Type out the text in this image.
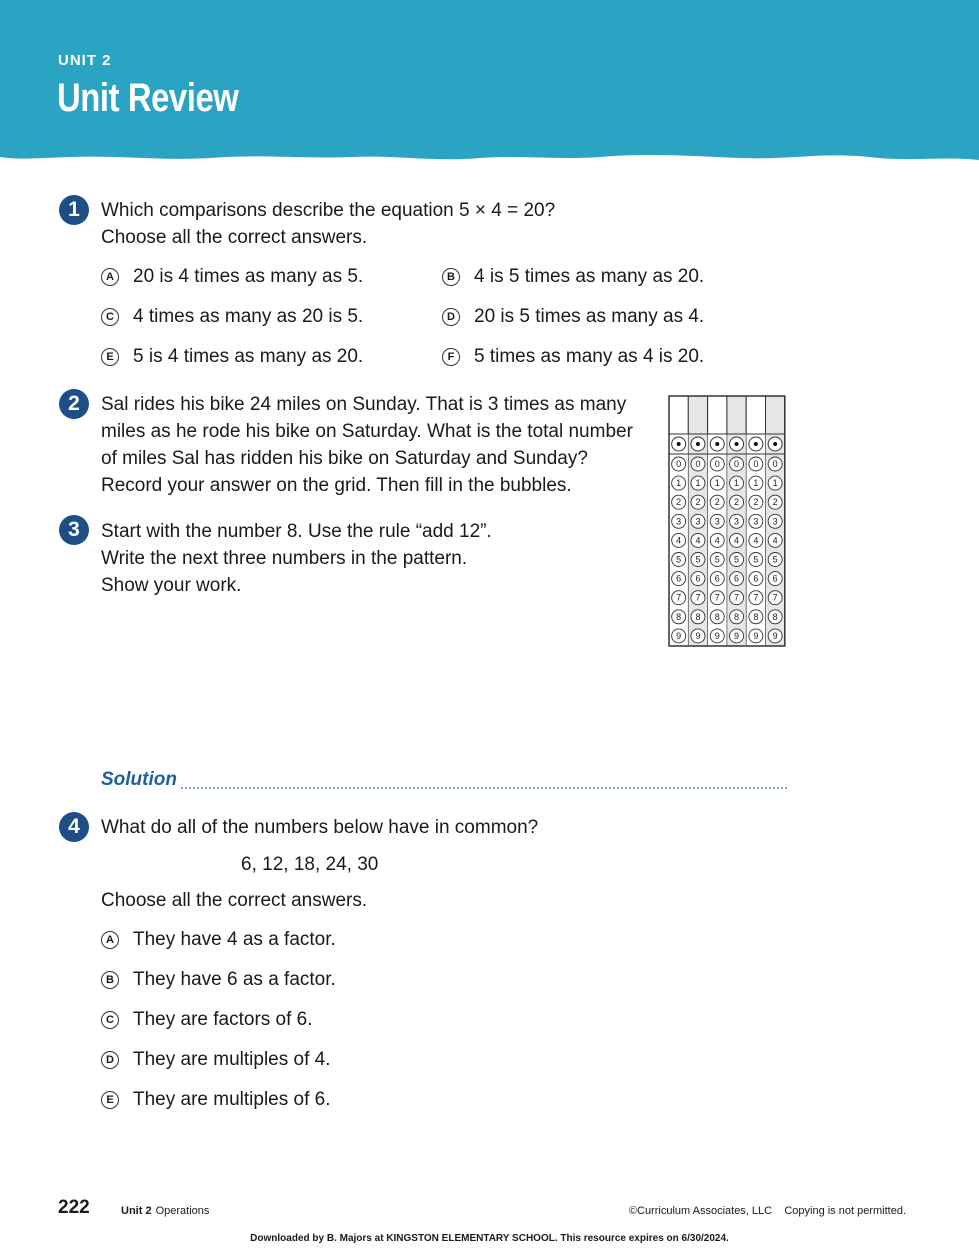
UNIT 2
Unit Review
1	Which comparisons describe the equation 5 × 4 = 20?
Choose all the correct answers.
A 20 is 4 times as many as 5.	B 4 is 5 times as many as 20.
C 4 times as many as 20 is 5.	D 20 is 5 times as many as 4.
E 5 is 4 times as many as 20.	F 5 times as many as 4 is 20.
2	Sal rides his bike 24 miles on Sunday. That is 3 times as many
miles as he rode his bike on Saturday. What is the total number
of miles Sal has ridden his bike on Saturday and Sunday?
Record your answer on the grid. Then fill in the bubbles.
0 0 0 0 0 0
1 1 1 1 1 1
2 2 2 2 2 2
3 3 3 3 3 3
4 4 4 4 4 4
5 5 5 5 5 5
6 6 6 6 6 6
7 7 7 7 7 7
8 8 8 8 8 8
9 9 9 9 9 9
3	Start with the number 8. Use the rule “add 12”.
Write the next three numbers in the pattern.
Show your work.
Solution
4	What do all of the numbers below have in common?
6, 12, 18, 24, 30
Choose all the correct answers.
A They have 4 as a factor.
B They have 6 as a factor.
C They are factors of 6.
D They are multiples of 4.
E They are multiples of 6.
222	Unit 2 Operations	©Curriculum Associates, LLC    Copying is not permitted.
Downloaded by B. Majors at KINGSTON ELEMENTARY SCHOOL. This resource expires on 6/30/2024.
